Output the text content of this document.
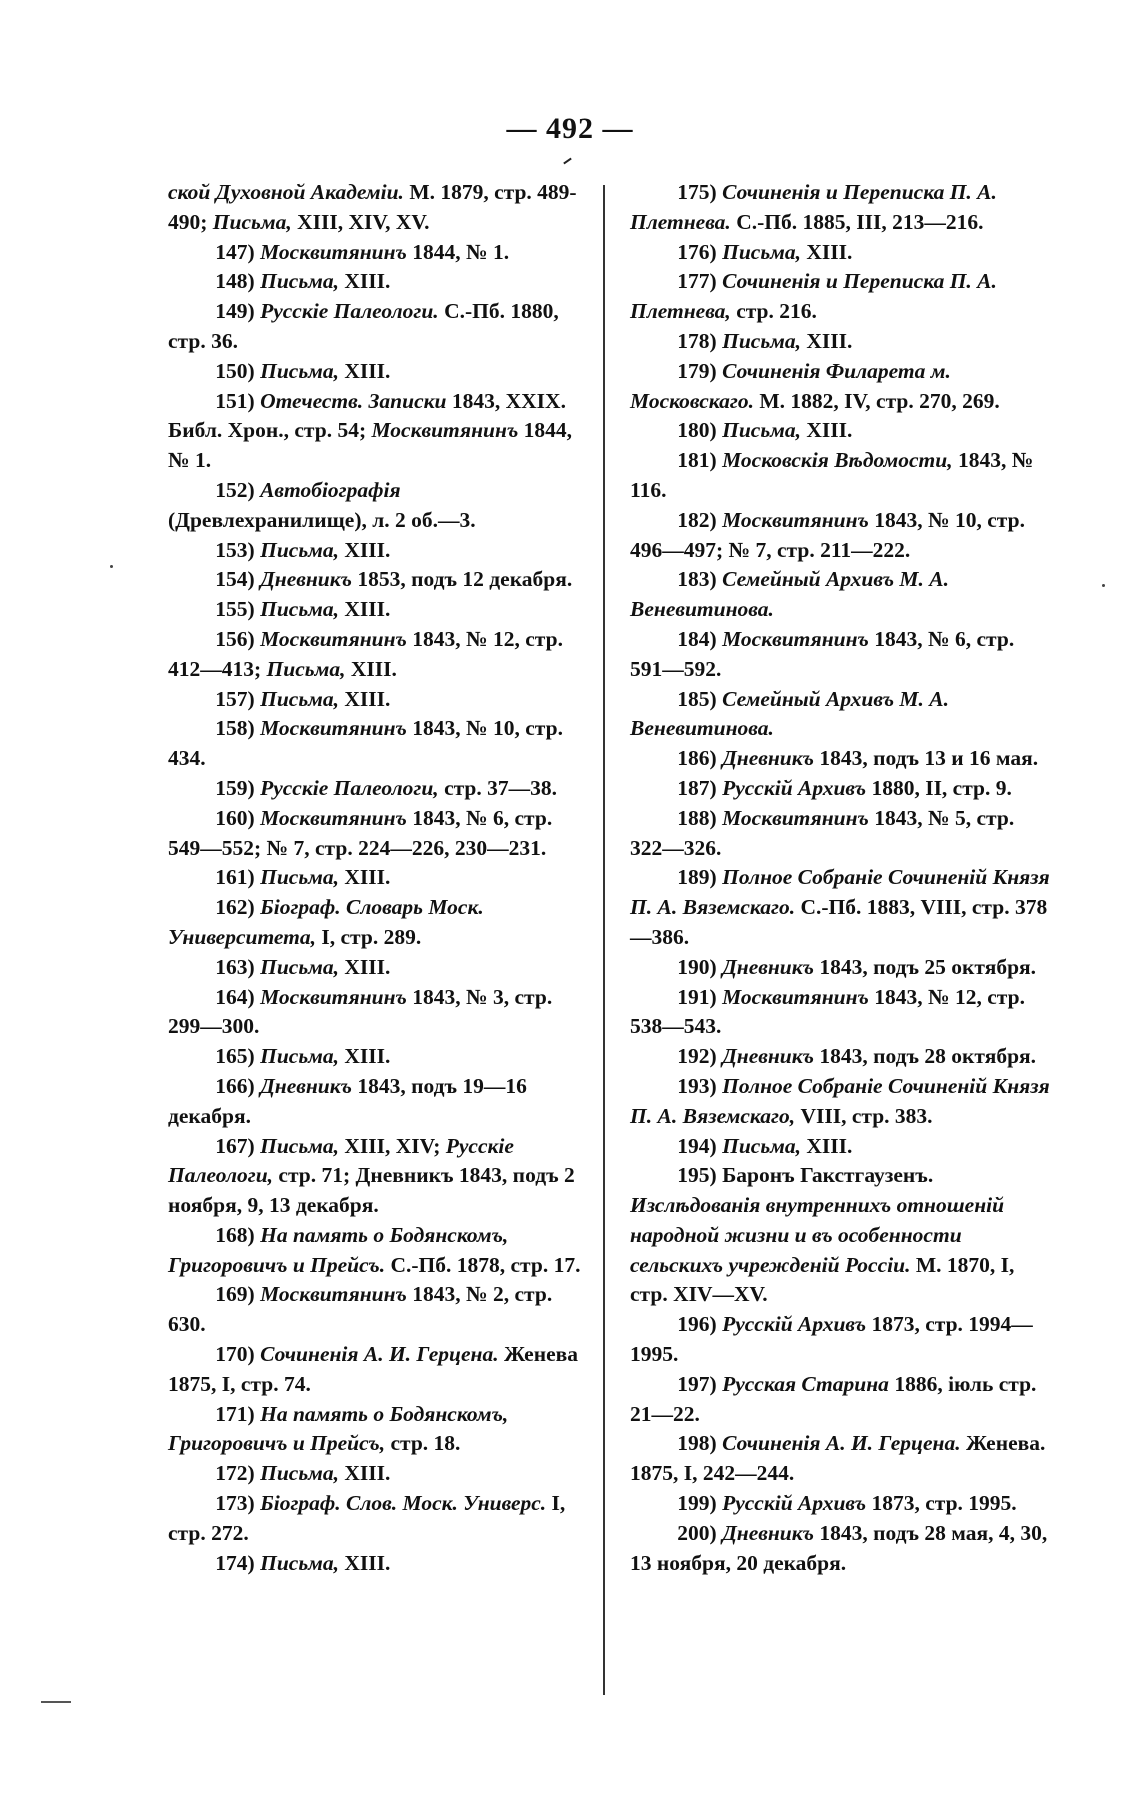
— 492 —

ской Духовной Академіи. М. 1879, стр. 489-490; Письма, XIII, XIV, XV.

147) Москвитянинъ 1844, № 1.

148) Письма, XIII.

149) Русскіе Палеологи. С.-Пб. 1880, стр. 36.

150) Письма, XIII.

151) Отечеств. Записки 1843, XXIX. Библ. Хрон., стр. 54; Москвитянинъ 1844, № 1.

152) Автобіографія (Древлехранилище), л. 2 об.—3.

153) Письма, XIII.

154) Дневникъ 1853, подъ 12 декабря.

155) Письма, XIII.

156) Москвитянинъ 1843, № 12, стр. 412—413; Письма, XIII.

157) Письма, XIII.

158) Москвитянинъ 1843, № 10, стр. 434.

159) Русскіе Палеологи, стр. 37—38.

160) Москвитянинъ 1843, № 6, стр. 549—552; № 7, стр. 224—226, 230—231.

161) Письма, XIII.

162) Біограф. Словарь Моск. Университета, I, стр. 289.

163) Письма, XIII.

164) Москвитянинъ 1843, № 3, стр. 299—300.

165) Письма, XIII.

166) Дневникъ 1843, подъ 19—16 декабря.

167) Письма, XIII, XIV; Русскіе Палеологи, стр. 71; Дневникъ 1843, подъ 2 ноября, 9, 13 декабря.

168) На память о Бодянскомъ, Григоровичъ и Прейсъ. С.-Пб. 1878, стр. 17.

169) Москвитянинъ 1843, № 2, стр. 630.

170) Сочиненія А. И. Герцена. Женева 1875, I, стр. 74.

171) На память о Бодянскомъ, Григоровичъ и Прейсъ, стр. 18.

172) Письма, XIII.

173) Біограф. Слов. Моск. Универс. I, стр. 272.

174) Письма, XIII.

175) Сочиненія и Переписка П. А. Плетнева. С.-Пб. 1885, III, 213—216.

176) Письма, XIII.

177) Сочиненія и Переписка П. А. Плетнева, стр. 216.

178) Письма, XIII.

179) Сочиненія Филарета м. Московскаго. М. 1882, IV, стр. 270, 269.

180) Письма, XIII.

181) Московскія Вѣдомости, 1843, № 116.

182) Москвитянинъ 1843, № 10, стр. 496—497; № 7, стр. 211—222.

183) Семейный Архивъ М. А. Веневитинова.

184) Москвитянинъ 1843, № 6, стр. 591—592.

185) Семейный Архивъ М. А. Веневитинова.

186) Дневникъ 1843, подъ 13 и 16 мая.

187) Русскій Архивъ 1880, II, стр. 9.

188) Москвитянинъ 1843, № 5, стр. 322—326.

189) Полное Собраніе Сочиненій Князя П. А. Вяземскаго. С.-Пб. 1883, VIII, стр. 378—386.

190) Дневникъ 1843, подъ 25 октября.

191) Москвитянинъ 1843, № 12, стр. 538—543.

192) Дневникъ 1843, подъ 28 октября.

193) Полное Собраніе Сочиненій Князя П. А. Вяземскаго, VIII, стр. 383.

194) Письма, XIII.

195) Баронъ Гакстгаузенъ. Изслѣдованія внутреннихъ отношеній народной жизни и въ особенности сельскихъ учрежденій Россіи. М. 1870, I, стр. XIV—XV.

196) Русскій Архивъ 1873, стр. 1994—1995.

197) Русская Старина 1886, іюль стр. 21—22.

198) Сочиненія А. И. Герцена. Женева. 1875, I, 242—244.

199) Русскій Архивъ 1873, стр. 1995.

200) Дневникъ 1843, подъ 28 мая, 4, 30, 13 ноября, 20 декабря.
